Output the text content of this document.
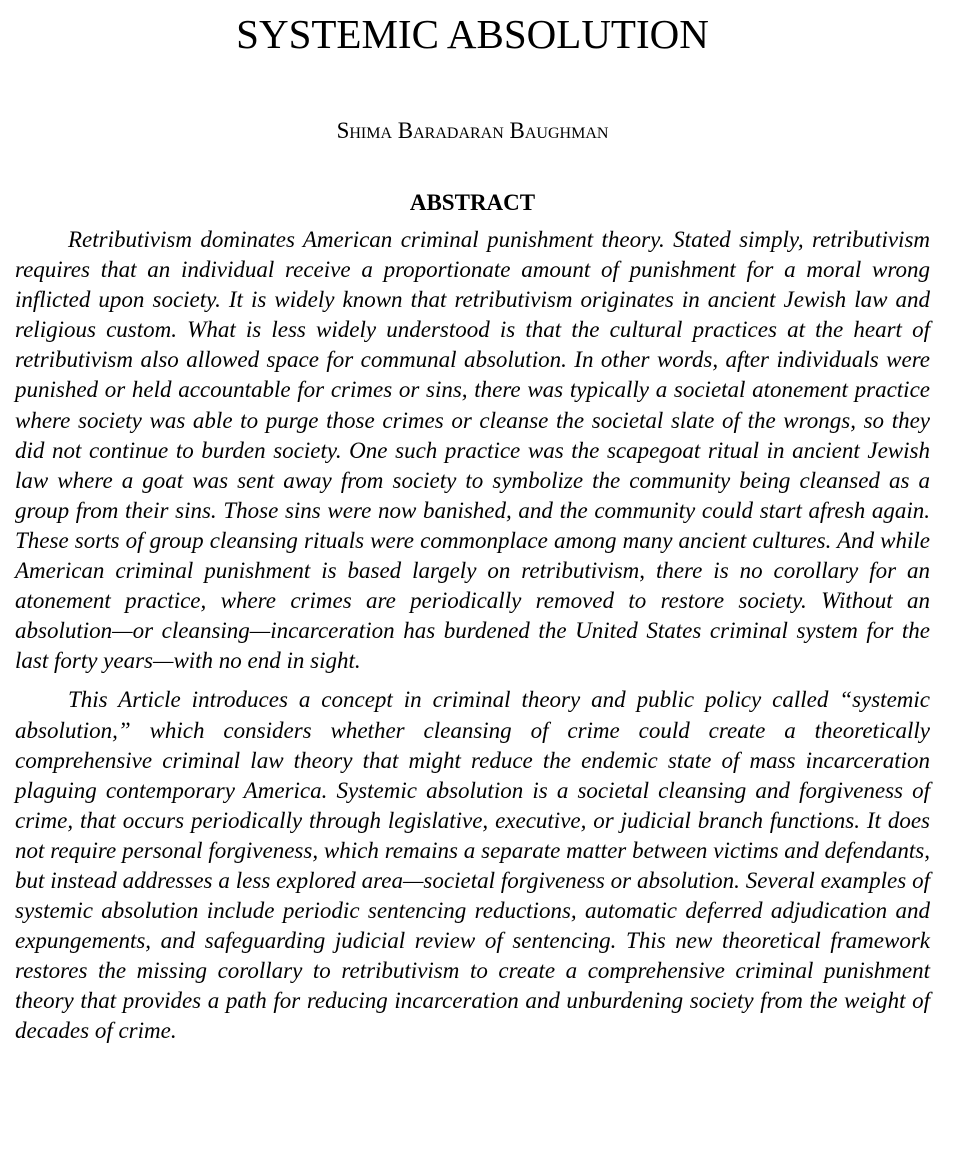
SYSTEMIC ABSOLUTION

Shima Baradaran Baughman

ABSTRACT

Retributivism dominates American criminal punishment theory. Stated simply, retributivism requires that an individual receive a proportionate amount of punishment for a moral wrong inflicted upon society. It is widely known that retributivism originates in ancient Jewish law and religious custom. What is less widely understood is that the cultural practices at the heart of retributivism also allowed space for communal absolution. In other words, after individuals were punished or held accountable for crimes or sins, there was typically a societal atonement practice where society was able to purge those crimes or cleanse the societal slate of the wrongs, so they did not continue to burden society. One such practice was the scapegoat ritual in ancient Jewish law where a goat was sent away from society to symbolize the community being cleansed as a group from their sins. Those sins were now banished, and the community could start afresh again. These sorts of group cleansing rituals were commonplace among many ancient cultures. And while American criminal punishment is based largely on retributivism, there is no corollary for an atonement practice, where crimes are periodically removed to restore society. Without an absolution—or cleansing—incarceration has burdened the United States criminal system for the last forty years—with no end in sight.

This Article introduces a concept in criminal theory and public policy called “systemic absolution,” which considers whether cleansing of crime could create a theoretically comprehensive criminal law theory that might reduce the endemic state of mass incarceration plaguing contemporary America. Systemic absolution is a societal cleansing and forgiveness of crime, that occurs periodically through legislative, executive, or judicial branch functions. It does not require personal forgiveness, which remains a separate matter between victims and defendants, but instead addresses a less explored area—societal forgiveness or absolution. Several examples of systemic absolution include periodic sentencing reductions, automatic deferred adjudication and expungements, and safeguarding judicial review of sentencing. This new theoretical framework restores the missing corollary to retributivism to create a comprehensive criminal punishment theory that provides a path for reducing incarceration and unburdening society from the weight of decades of crime.
